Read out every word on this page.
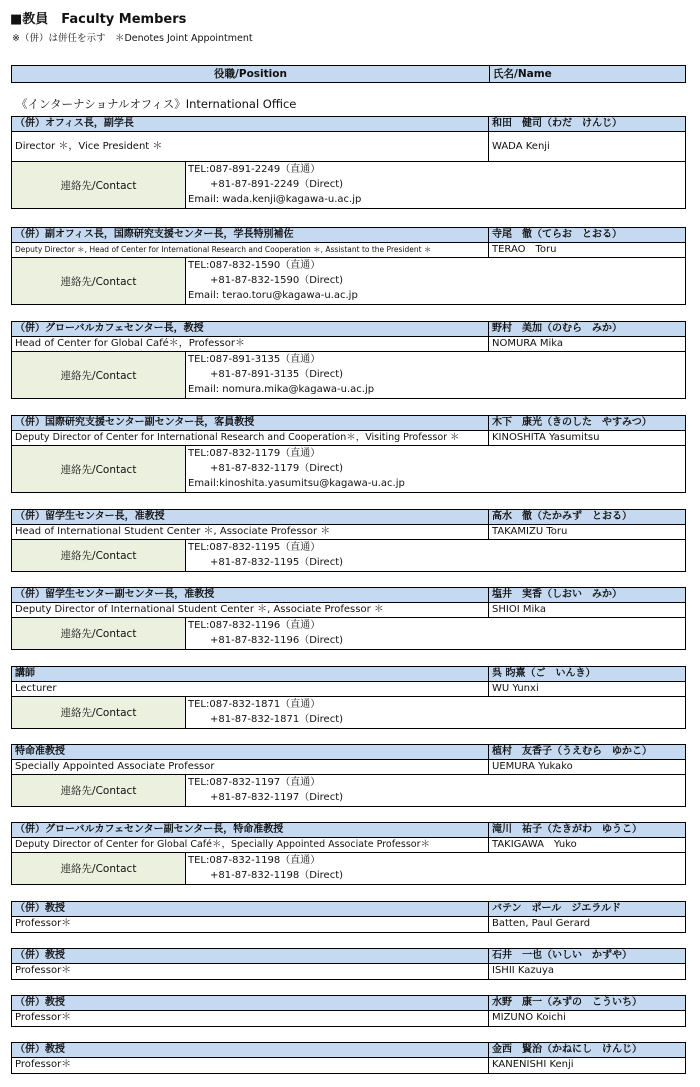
■教員　Faculty Members
※（併）は併任を示す　＊Denotes Joint Appointment
役職/Position	氏名/Name
《インターナショナルオフィス》International Office
（併）オフィス長，副学長	和田　健司（わだ　けんじ）
Director ＊，Vice President ＊	WADA Kenji
連絡先/Contact
TEL:087-891-2249（直通）
+81-87-891-2249（Direct)
Email: wada.kenji@kagawa-u.ac.jp
（併）副オフィス長，国際研究支援センター長，学長特別補佐	寺尾　徹（てらお　とおる）
Deputy Director ＊, Head of Center for International Research and Cooperation ＊, Assistant to the President ＊	TERAO　Toru
連絡先/Contact
TEL:087-832-1590（直通）
+81-87-832-1590（Direct)
Email: terao.toru@kagawa-u.ac.jp
（併）グローバルカフェセンター長，教授	野村　美加（のむら　みか）
Head of Center for Global Café＊，Professor＊	NOMURA Mika
連絡先/Contact
TEL:087-891-3135（直通）
+81-87-891-3135（Direct)
Email: nomura.mika@kagawa-u.ac.jp
（併）国際研究支援センター副センター長，客員教授	木下　康光（きのした　やすみつ）
Deputy Director of Center for International Research and Cooperation＊，Visiting Professor ＊	KINOSHITA Yasumitsu
連絡先/Contact
TEL:087-832-1179（直通）
+81-87-832-1179（Direct)
Email:kinoshita.yasumitsu@kagawa-u.ac.jp
（併）留学生センター長，准教授	高水　徹（たかみず　とおる）
Head of International Student Center ＊, Associate Professor ＊	TAKAMIZU Toru
連絡先/Contact
TEL:087-832-1195（直通）
+81-87-832-1195（Direct)
（併）留学生センター副センター長，准教授	塩井　実香（しおい　みか）
Deputy Director of International Student Center ＊, Associate Professor ＊	SHIOI Mika
連絡先/Contact
TEL:087-832-1196（直通）
+81-87-832-1196（Direct)
講師	呉 昀熹（ご　いんき）
Lecturer	WU Yunxi
連絡先/Contact
TEL:087-832-1871（直通）
+81-87-832-1871（Direct)
特命准教授	植村　友香子（うえむら　ゆかこ）
Specially Appointed Associate Professor	UEMURA Yukako
連絡先/Contact
TEL:087-832-1197（直通）
+81-87-832-1197（Direct)
（併）グローバルカフェセンター副センター長，特命准教授	滝川　祐子（たきがわ　ゆうこ）
Deputy Director of Center for Global Café＊，Specially Appointed Associate Professor＊	TAKIGAWA　Yuko
連絡先/Contact
TEL:087-832-1198（直通）
+81-87-832-1198（Direct)
（併）教授	バテン　ポール　ジエラルド
Professor＊	Batten, Paul Gerard
（併）教授	石井　一也（いしい　かずや）
Professor＊	ISHII Kazuya
（併）教授	水野　康一（みずの　こういち）
Professor＊	MIZUNO Koichi
（併）教授	金西　賢治（かねにし　けんじ）
Professor＊	KANENISHI Kenji
